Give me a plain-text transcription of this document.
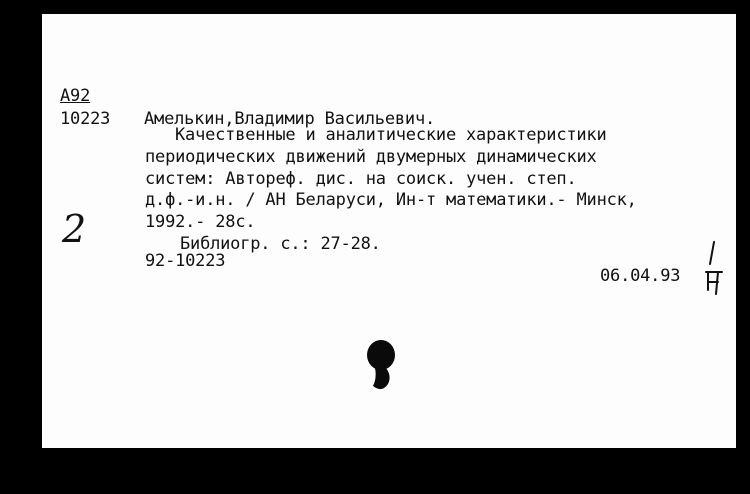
A92

10223 Амелькин,Владимир Васильевич.

Качественные и аналитические характеристики

периодических движений двумерных динамических

систем: Автореф. дис. на соиск. учен. степ.

д.ф.-и.н. / АН Беларуси, Ин-т математики.- Минск,

1992.- 28с.

Библиогр. с.: 27-28.

92-10223

06.04.93

2
